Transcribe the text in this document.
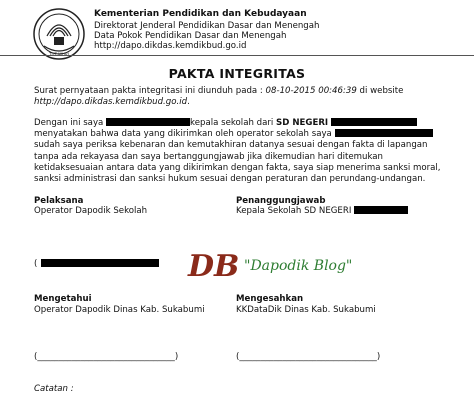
Kementerian Pendidikan dan Kebudayaan
Direktorat Jenderal Pendidikan Dasar dan Menengah
Data Pokok Pendidikan Dasar dan Menengah
http://dapo.dikdas.kemdikbud.go.id
PAKTA INTEGRITAS
Surat pernyataan pakta integritasi ini diunduh pada : 08-10-2015 00:46:39 di website
http://dapo.dikdas.kemdikbud.go.id.
Dengan ini saya	kepala sekolah dari SD NEGERI menyatakan bahwa data yang dikirimkan oleh operator sekolah saya sudah saya periksa kebenaran dan kemutakhiran datanya sesuai dengan fakta di lapangan tanpa ada rekayasa dan saya bertanggungjawab jika dikemudian hari ditemukan ketidaksesuaian antara data yang dikirimkan dengan fakta, saya siap menerima sanksi moral, sanksi administrasi dan sanksi hukum sesuai dengan peraturan dan perundang-undangan.
Pelaksana
Operator Dapodik Sekolah
Penanggungjawab
Kepala Sekolah SD NEGERI
(	DB "Dapodik Blog"
Mengetahui
Operator Dapodik Dinas Kab. Sukabumi
Mengesahkan
KKDataDik Dinas Kab. Sukabumi
(________________________________)	(________________________________)
Catatan :
